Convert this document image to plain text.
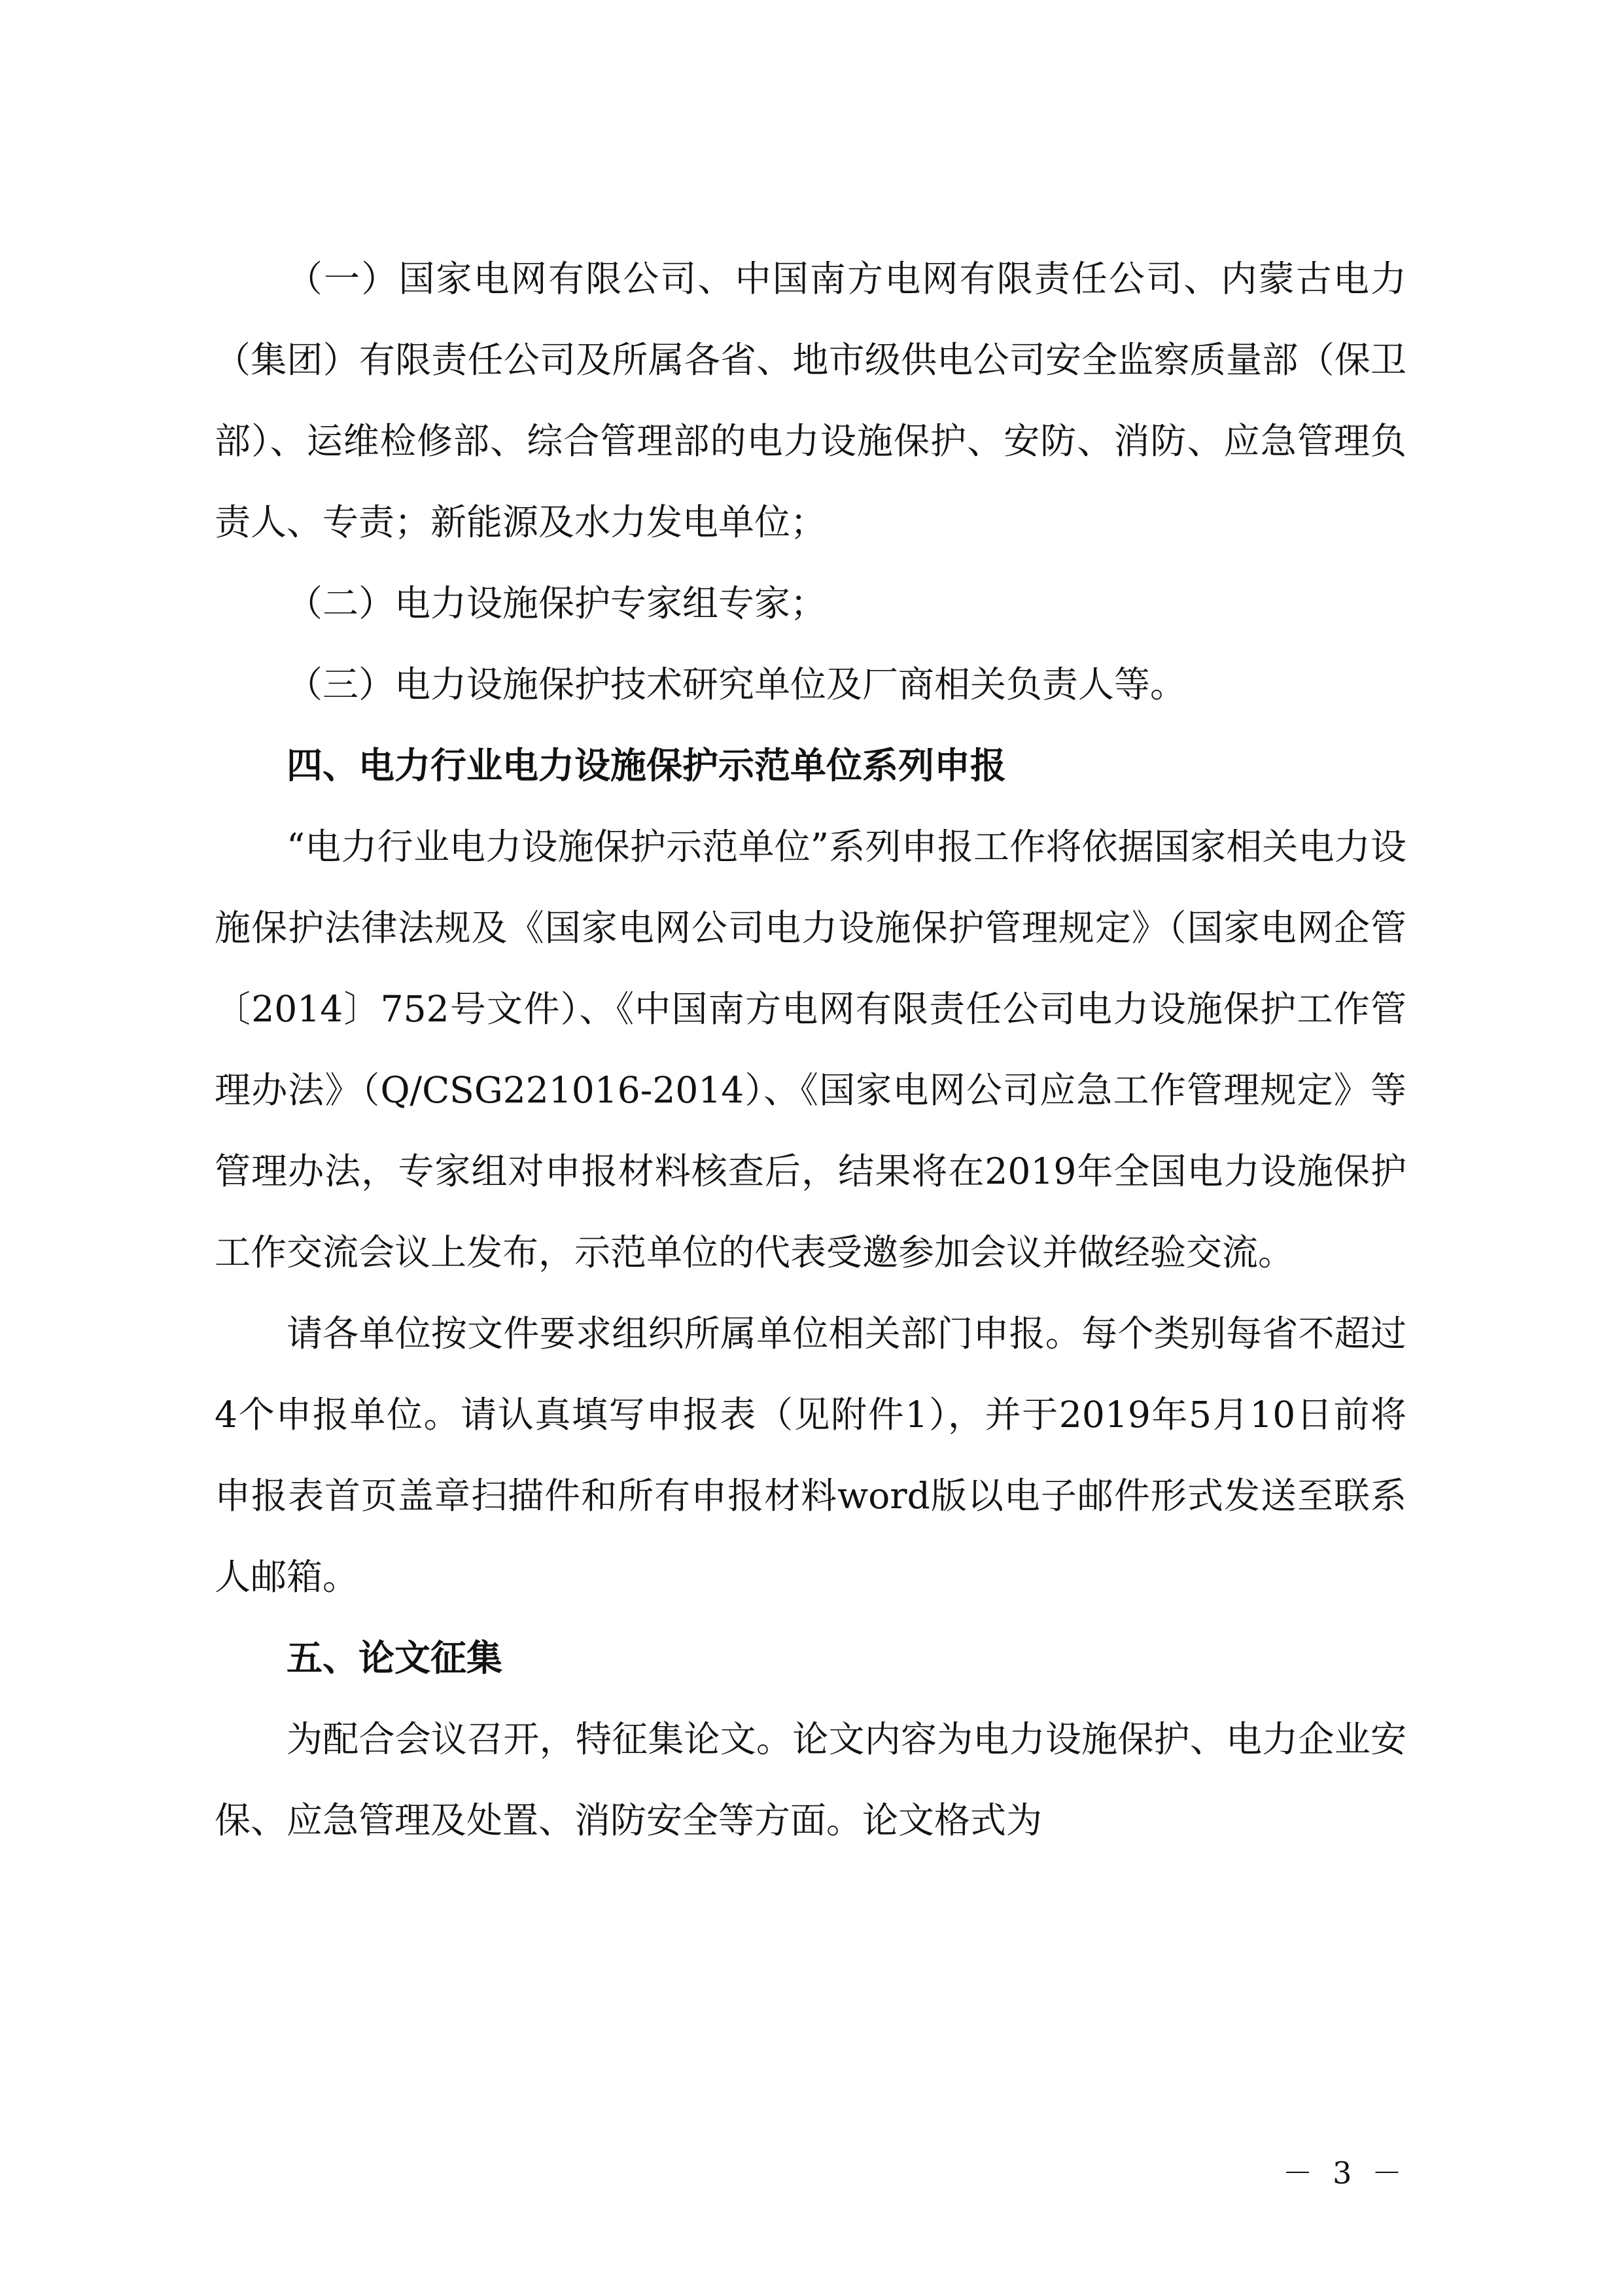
（一）国家电网有限公司、中国南方电网有限责任公司、内蒙古电力（集团）有限责任公司及所属各省、地市级供电公司安全监察质量部（保卫部）、运维检修部、综合管理部的电力设施保护、安防、消防、应急管理负责人、专责；新能源及水力发电单位；

（二）电力设施保护专家组专家；

（三）电力设施保护技术研究单位及厂商相关负责人等。

四、电力行业电力设施保护示范单位系列申报

“电力行业电力设施保护示范单位”系列申报工作将依据国家相关电力设施保护法律法规及《国家电网公司电力设施保护管理规定》（国家电网企管〔2014〕752号文件）、《中国南方电网有限责任公司电力设施保护工作管理办法》（Q/CSG221016-2014）、《国家电网公司应急工作管理规定》等管理办法，专家组对申报材料核查后，结果将在2019年全国电力设施保护工作交流会议上发布，示范单位的代表受邀参加会议并做经验交流。

请各单位按文件要求组织所属单位相关部门申报。每个类别每省不超过4个申报单位。请认真填写申报表（见附件1），并于2019年5月10日前将申报表首页盖章扫描件和所有申报材料word版以电子邮件形式发送至联系人邮箱。

五、论文征集

为配合会议召开，特征集论文。论文内容为电力设施保护、电力企业安保、应急管理及处置、消防安全等方面。论文格式为

－ 3 －
